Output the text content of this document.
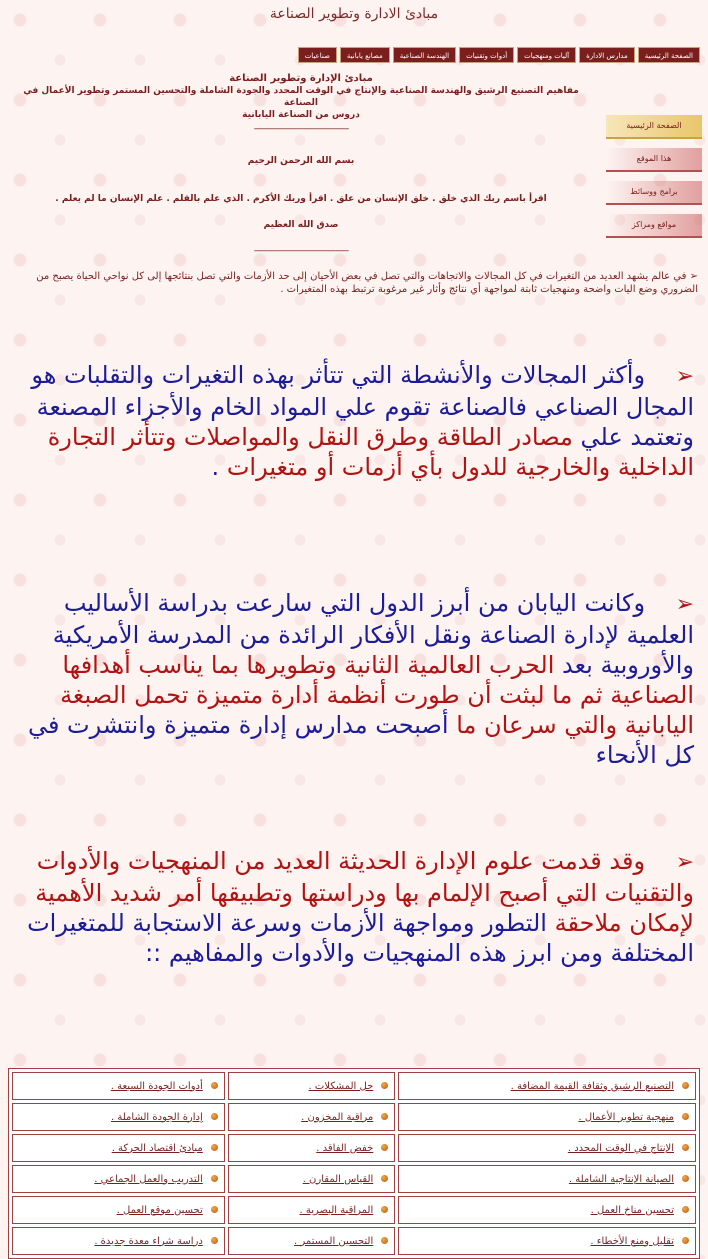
مبادئ الادارة وتطوير الصناعة
الصفحة الرئيسية
مدارس الادارة
آليات ومنهجيات
أدوات وتقنيات
الهندسة الصناعية
مصانع يابانية
صناعيات
الصفحة الرئيسية
هذا الموقع
برامج ووسائط
مواقع ومراكز
مبادئ الإدارة وتطوير الصناعة
مفاهيم التصنيع الرشيق والهندسة الصناعية والإنتاج في الوقت المحدد والجودة الشاملة والتحسين المستمر وتطوير الأعمال في الصناعة
دروس من الصناعة اليابانية
------------------------------------------
بسم الله الرحمن الرحيم
اقرأ باسم ربك الذي خلق . خلق الإنسان من علق . اقرأ وربك الأكرم . الذي علم بالقلم . علم الإنسان ما لم يعلم .
صدق الله العظيم
------------------------------------------
➢ في عالم يشهد العديد من التغيرات في كل المجالات والاتجاهات والتي تصل في بعض الأحيان إلى حد الأزمات والتي تصل بنتائجها إلى كل نواحي الحياة يصبح من الضروري وضع اليات واضحة ومنهجيات ثابتة لمواجهة أي نتائج وأثار غير مرغوبة ترتبط بهذه المتغيرات .
➢    وأكثر المجالات والأنشطة التي تتأثر بهذه التغيرات والتقلبات هو المجال الصناعي فالصناعة تقوم علي المواد الخام والأجزاء المصنعة وتعتمد علي مصادر الطاقة وطرق النقل والمواصلات وتتأثر التجارة الداخلية والخارجية للدول بأي أزمات أو متغيرات .
➢    وكانت اليابان من أبرز الدول التي سارعت بدراسة الأساليب العلمية لإدارة الصناعة ونقل الأفكار الرائدة من المدرسة الأمريكية والأوروبية بعد الحرب العالمية الثانية وتطويرها بما يناسب أهدافها الصناعية ثم ما لبثت أن طورت أنظمة أدارة متميزة تحمل الصبغة اليابانية والتي سرعان ما أصبحت مدارس إدارة متميزة وانتشرت في كل الأنحاء
➢    وقد قدمت علوم الإدارة الحديثة العديد من المنهجيات والأدوات والتقنيات التي أصبح الإلمام بها ودراستها وتطبيقها أمر شديد الأهمية لإمكان ملاحقة التطور ومواجهة الأزمات وسرعة الاستجابة للمتغيرات المختلفة ومن ابرز هذه المنهجيات والأدوات والمفاهيم ::
التصنيع الرشيق وثقافة القيمة المضافة .	حل المشكلات .	أدوات الجودة السبعة .
منهجية تطوير الأعمال .	مراقبة المخزون .	إدارة الجودة الشاملة .
الإنتاج في الوقت المحدد .	خفض الفاقد .	مبادئ اقتصاد الحركة .
الصيانة الإنتاجية الشاملة .	القياس المقارن .	التدريب والعمل الجماعي .
تحسين مناخ العمل .	المراقبة البصرية .	تحسين موقع العمل .
تقليل ومنع الأخطاء .	التحسين المستمر .	دراسة شراء معدة جديدة .
